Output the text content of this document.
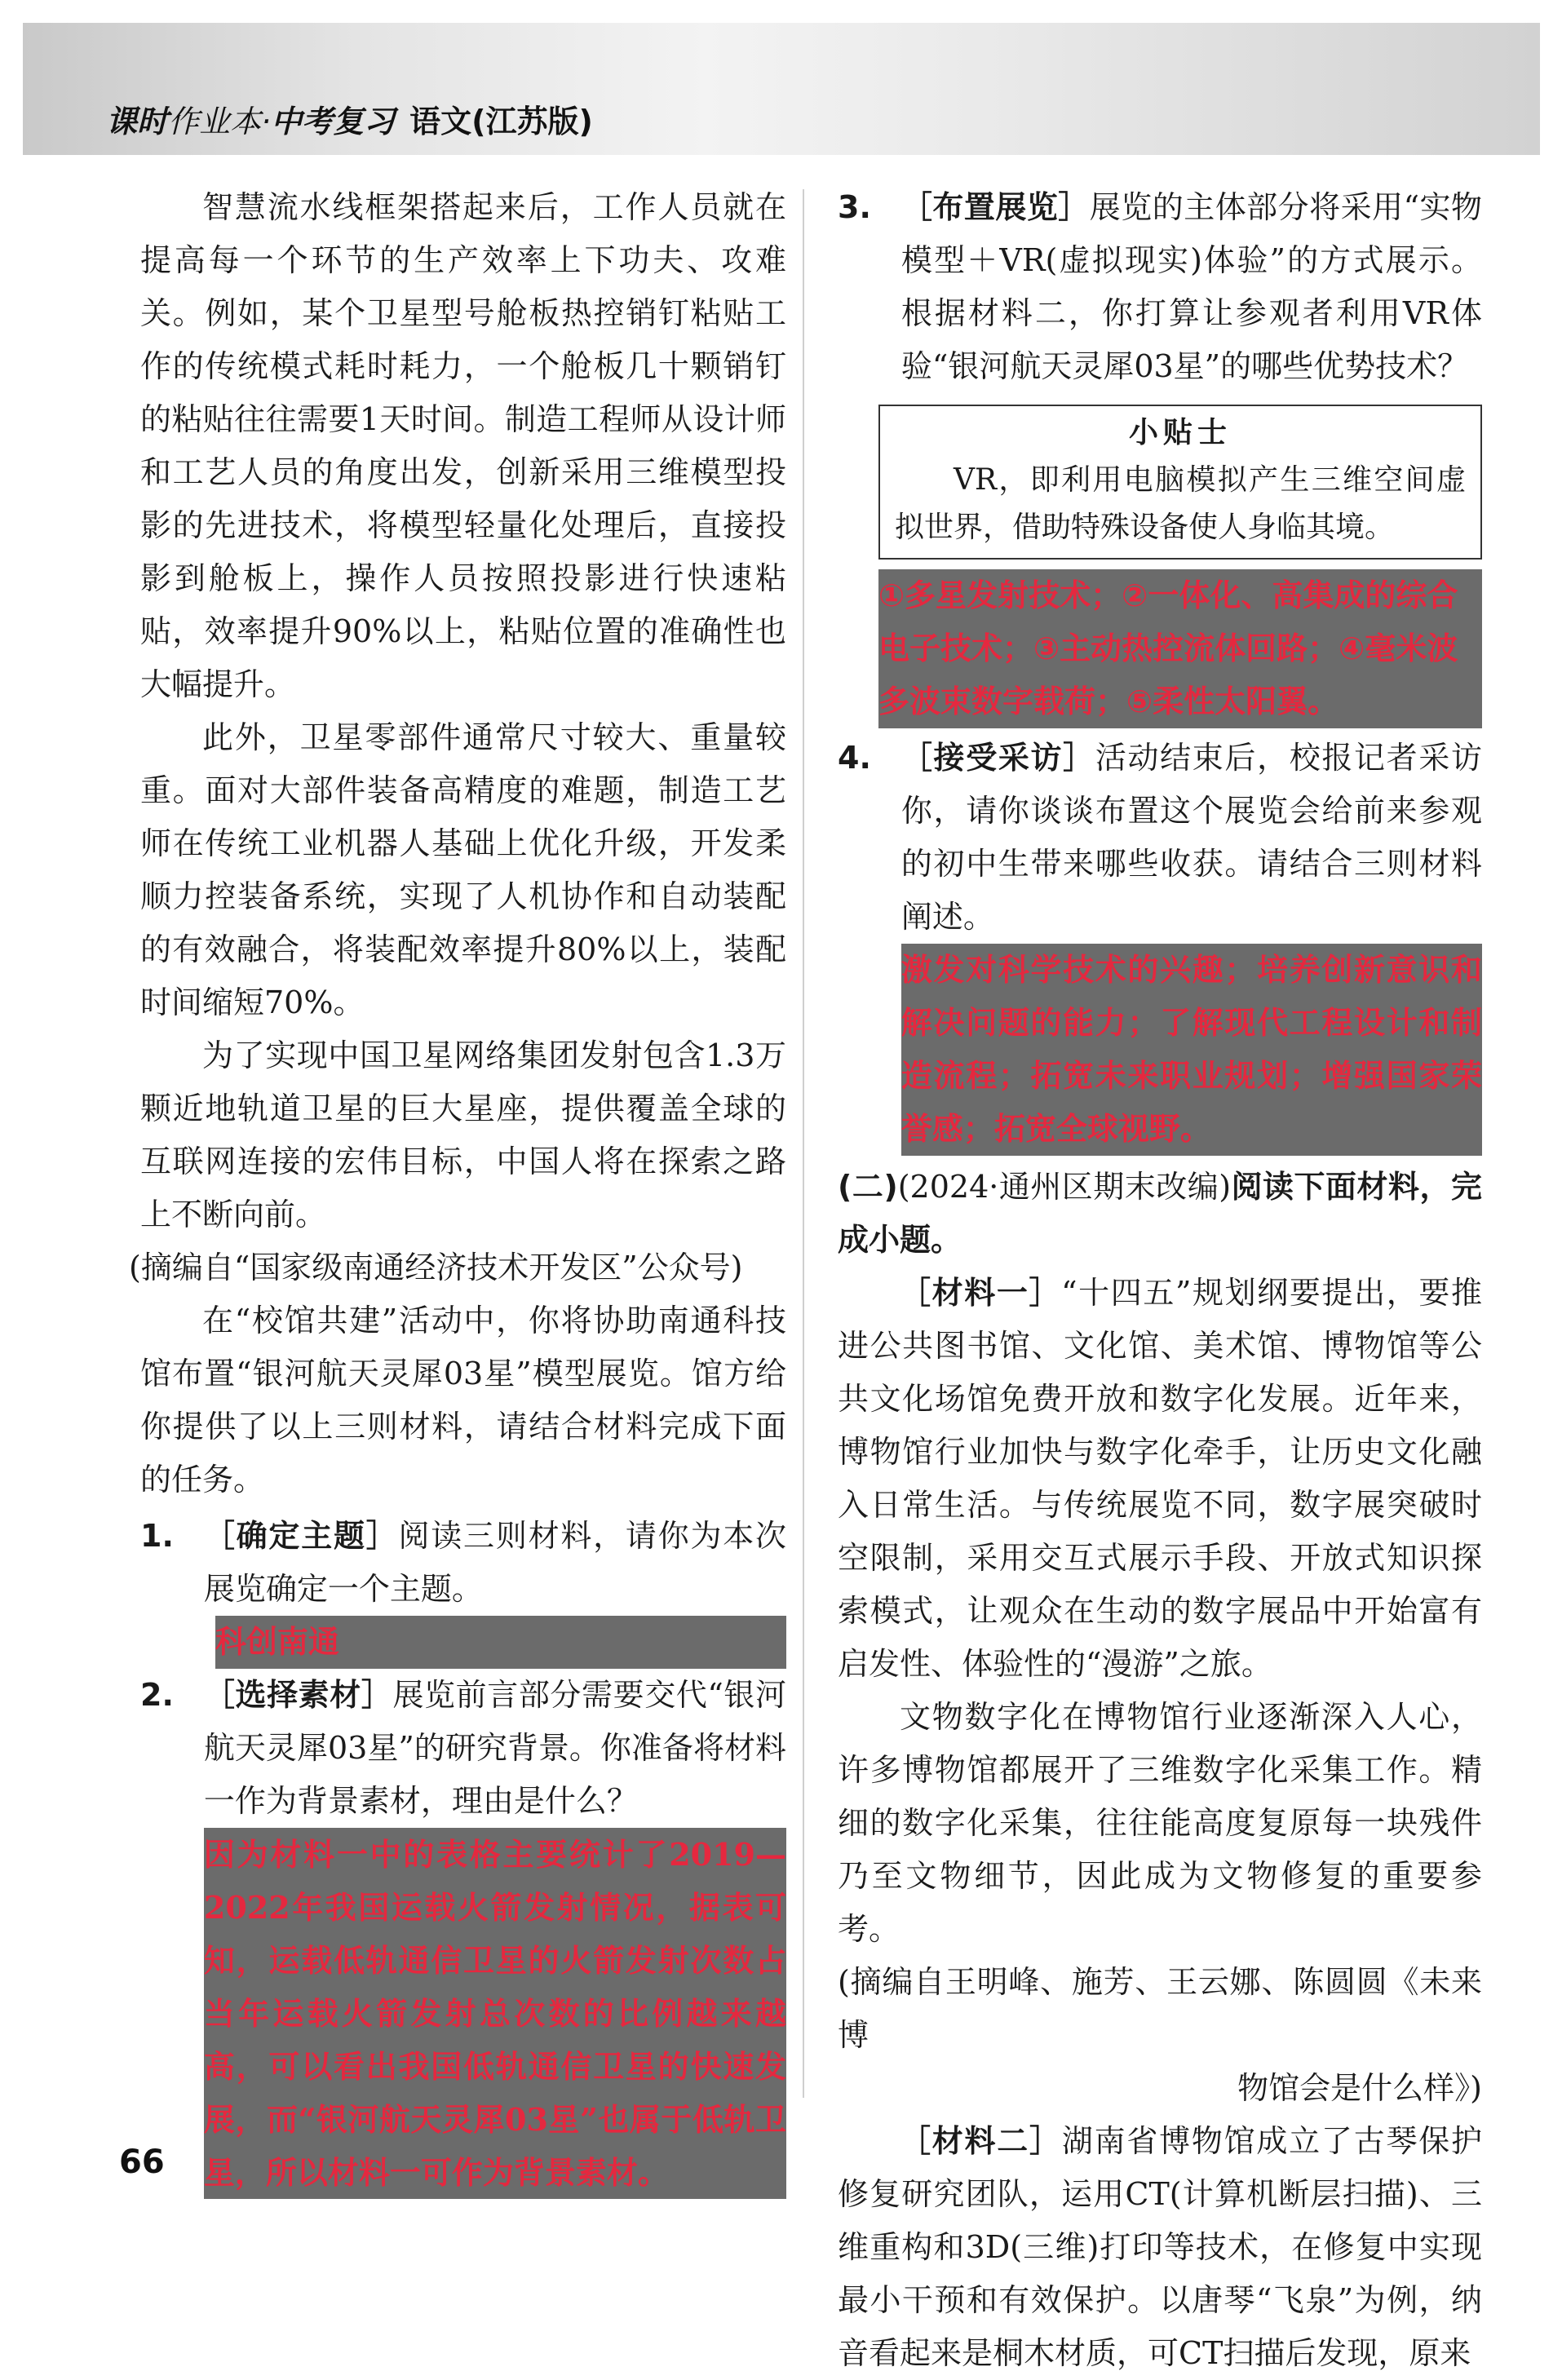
课时作业本·中考复习 语文(江苏版)

智慧流水线框架搭起来后，工作人员就在提高每一个环节的生产效率上下功夫、攻难关。例如，某个卫星型号舱板热控销钉粘贴工作的传统模式耗时耗力，一个舱板几十颗销钉的粘贴往往需要1天时间。制造工程师从设计师和工艺人员的角度出发，创新采用三维模型投影的先进技术，将模型轻量化处理后，直接投影到舱板上，操作人员按照投影进行快速粘贴，效率提升90%以上，粘贴位置的准确性也大幅提升。

此外，卫星零部件通常尺寸较大、重量较重。面对大部件装备高精度的难题，制造工艺师在传统工业机器人基础上优化升级，开发柔顺力控装备系统，实现了人机协作和自动装配的有效融合，将装配效率提升80%以上，装配时间缩短70%。

为了实现中国卫星网络集团发射包含1.3万颗近地轨道卫星的巨大星座，提供覆盖全球的互联网连接的宏伟目标，中国人将在探索之路上不断向前。

(摘编自“国家级南通经济技术开发区”公众号)

在“校馆共建”活动中，你将协助南通科技馆布置“银河航天灵犀03星”模型展览。馆方给你提供了以上三则材料，请结合材料完成下面的任务。

1. ［确定主题］阅读三则材料，请你为本次展览确定一个主题。
科创南通
2. ［选择素材］展览前言部分需要交代“银河航天灵犀03星”的研究背景。你准备将材料一作为背景素材，理由是什么？
因为材料一中的表格主要统计了2019—2022年我国运载火箭发射情况，据表可知，运载低轨通信卫星的火箭发射次数占当年运载火箭发射总次数的比例越来越高，可以看出我国低轨通信卫星的快速发展，而“银河航天灵犀03星”也属于低轨卫星，所以材料一可作为背景素材。
3. ［布置展览］展览的主体部分将采用“实物模型＋VR(虚拟现实)体验”的方式展示。根据材料二，你打算让参观者利用VR体验“银河航天灵犀03星”的哪些优势技术？
小贴士
VR，即利用电脑模拟产生三维空间虚拟世界，借助特殊设备使人身临其境。
①多星发射技术；②一体化、高集成的综合电子技术；③主动热控流体回路；④毫米波多波束数字载荷；⑤柔性太阳翼。
4. ［接受采访］活动结束后，校报记者采访你，请你谈谈布置这个展览会给前来参观的初中生带来哪些收获。请结合三则材料阐述。
激发对科学技术的兴趣；培养创新意识和解决问题的能力；了解现代工程设计和制造流程；拓宽未来职业规划；增强国家荣誉感；拓宽全球视野。

(二)(2024·通州区期末改编)阅读下面材料，完成小题。

［材料一］“十四五”规划纲要提出，要推进公共图书馆、文化馆、美术馆、博物馆等公共文化场馆免费开放和数字化发展。近年来，博物馆行业加快与数字化牵手，让历史文化融入日常生活。与传统展览不同，数字展突破时空限制，采用交互式展示手段、开放式知识探索模式，让观众在生动的数字展品中开始富有启发性、体验性的“漫游”之旅。

文物数字化在博物馆行业逐渐深入人心，许多博物馆都展开了三维数字化采集工作。精细的数字化采集，往往能高度复原每一块残件乃至文物细节，因此成为文物修复的重要参考。

(摘编自王明峰、施芳、王云娜、陈圆圆《未来博

物馆会是什么样》)

［材料二］湖南省博物馆成立了古琴保护修复研究团队，运用CT(计算机断层扫描)、三维重构和3D(三维)打印等技术，在修复中实现最小干预和有效保护。以唐琴“飞泉”为例，纳音看起来是桐木材质，可CT扫描后发现，原来

66
